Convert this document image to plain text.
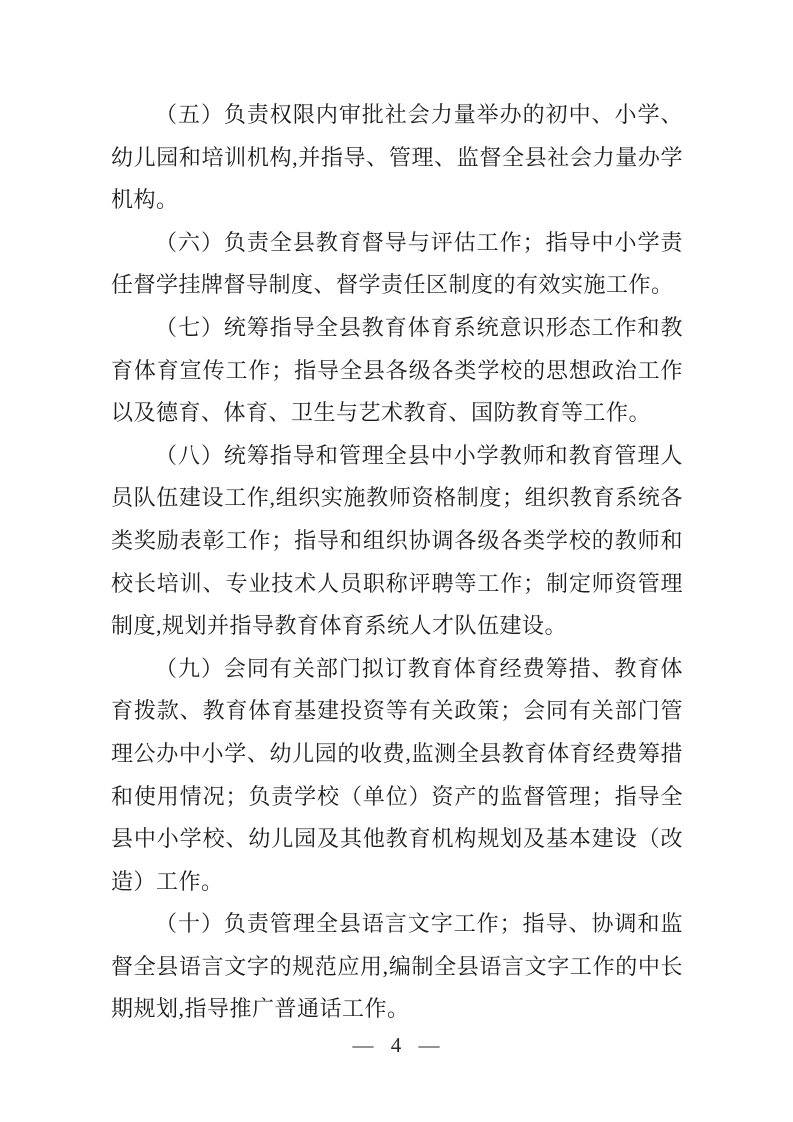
（五）负责权限内审批社会力量举办的初中、小学、幼儿园和培训机构,并指导、管理、监督全县社会力量办学机构。

（六）负责全县教育督导与评估工作；指导中小学责任督学挂牌督导制度、督学责任区制度的有效实施工作。

（七）统筹指导全县教育体育系统意识形态工作和教育体育宣传工作；指导全县各级各类学校的思想政治工作以及德育、体育、卫生与艺术教育、国防教育等工作。

（八）统筹指导和管理全县中小学教师和教育管理人员队伍建设工作,组织实施教师资格制度；组织教育系统各类奖励表彰工作；指导和组织协调各级各类学校的教师和校长培训、专业技术人员职称评聘等工作；制定师资管理制度,规划并指导教育体育系统人才队伍建设。

（九）会同有关部门拟订教育体育经费筹措、教育体育拨款、教育体育基建投资等有关政策；会同有关部门管理公办中小学、幼儿园的收费,监测全县教育体育经费筹措和使用情况；负责学校（单位）资产的监督管理；指导全县中小学校、幼儿园及其他教育机构规划及基本建设（改造）工作。

（十）负责管理全县语言文字工作；指导、协调和监督全县语言文字的规范应用,编制全县语言文字工作的中长期规划,指导推广普通话工作。

— 4 —
